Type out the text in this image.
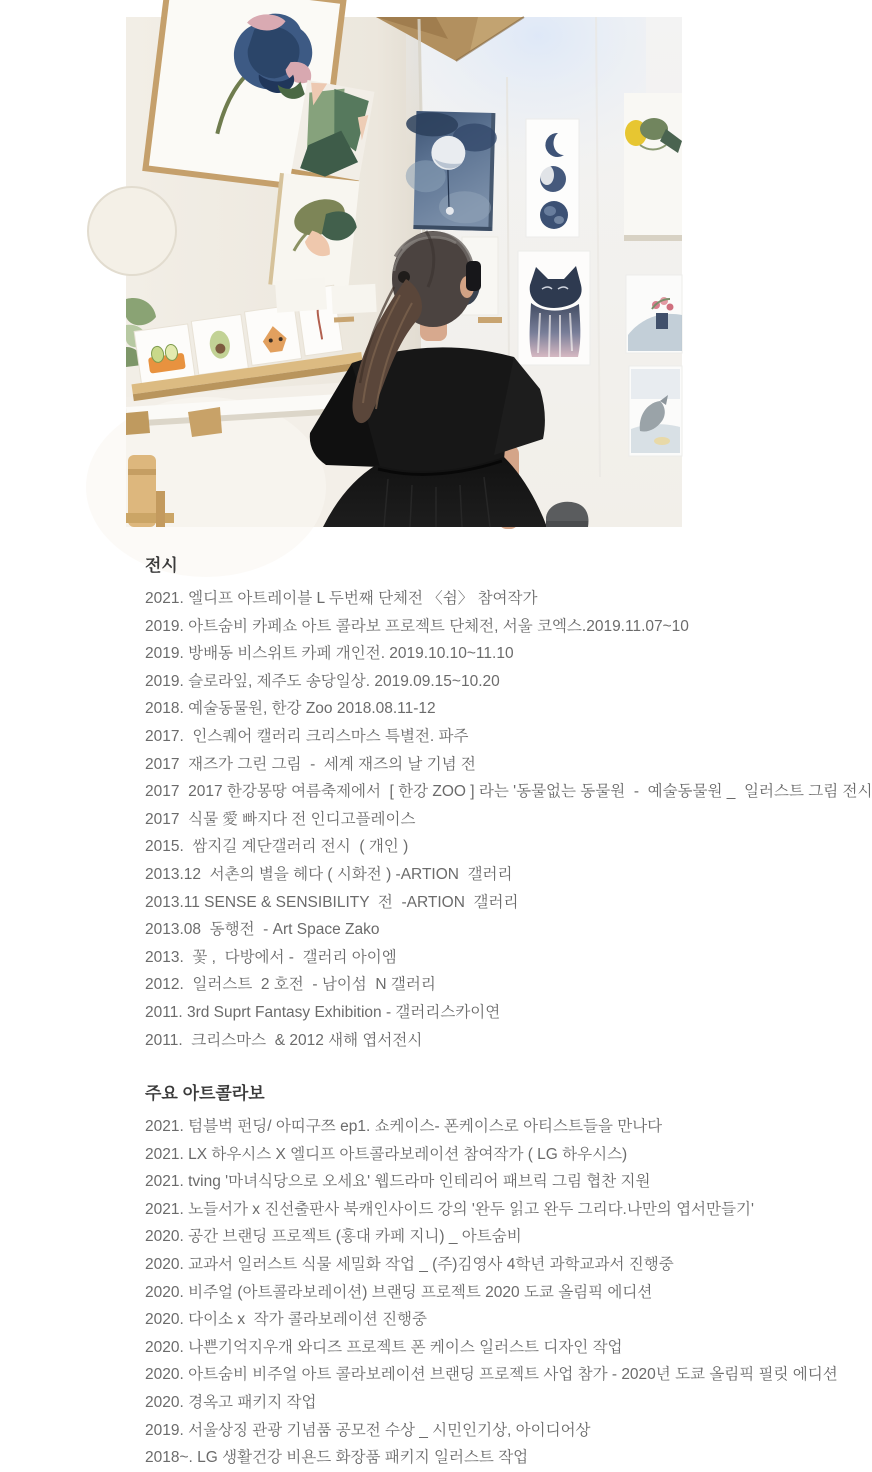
전시
2021. 엘디프 아트레이블 L 두번째 단체전 〈쉼〉 참여작가
2019. 아트숨비 카페쇼 아트 콜라보 프로젝트 단체전, 서울 코엑스.2019.11.07~10
2019. 방배동 비스위트 카페 개인전. 2019.10.10~11.10
2019. 슬로라잎, 제주도 송당일상. 2019.09.15~10.20
2018. 예술동물원, 한강 Zoo 2018.08.11-12
2017.  인스퀘어 캘러리 크리스마스 특별전. 파주
2017  재즈가 그린 그림  -  세계 재즈의 날 기념 전
2017  2017 한강몽땅 여름축제에서  [ 한강 ZOO ] 라는 '동물없는 동물원  -  예술동물원 _  일러스트 그림 전시
2017  식물 愛 빠지다 전 인디고플레이스
2015.  쌈지길 계단갤러리 전시  ( 개인 )
2013.12  서촌의 별을 헤다 ( 시화전 ) -ARTION  갤러리
2013.11 SENSE & SENSIBILITY  전  -ARTION  갤러리
2013.08  동행전  - Art Space Zako
2013.  꽃 ,  다방에서 -  갤러리 아이엠
2012.  일러스트  2 호전  - 남이섬  N 갤러리
2011. 3rd Suprt Fantasy Exhibition - 갤러리스카이연
2011.  크리스마스  & 2012 새해 엽서전시
주요 아트콜라보
2021. 텀블벅 펀딩/ 아띠구쯔 ep1. 쇼케이스- 폰케이스로 아티스트들을 만나다
2021. LX 하우시스 X 엘디프 아트콜라보레이션 참여작가 ( LG 하우시스)
2021. tving '마녀식당으로 오세요' 웹드라마 인테리어 패브릭 그림 협찬 지원
2021. 노들서가 x 진선출판사 북캐인사이드 강의 '완두 읽고 완두 그리다.나만의 엽서만들기'
2020. 공간 브랜딩 프로젝트 (홍대 카페 지니) _ 아트숨비
2020. 교과서 일러스트 식물 세밀화 작업 _ (주)김영사 4학년 과학교과서 진행중
2020. 비주얼 (아트콜라보레이션) 브랜딩 프로젝트 2020 도쿄 올림픽 에디션
2020. 다이소 x  작가 콜라보레이션 진행중
2020. 나쁜기억지우개 와디즈 프로젝트 폰 케이스 일러스트 디자인 작업
2020. 아트숨비 비주얼 아트 콜라보레이션 브랜딩 프로젝트 사업 참가 - 2020년 도쿄 올림픽 필릿 에디션
2020. 경옥고 패키지 작업
2019. 서울상징 관광 기념품 공모전 수상 _ 시민인기상, 아이디어상
2018~. LG 생활건강 비욘드 화장품 패키지 일러스트 작업
